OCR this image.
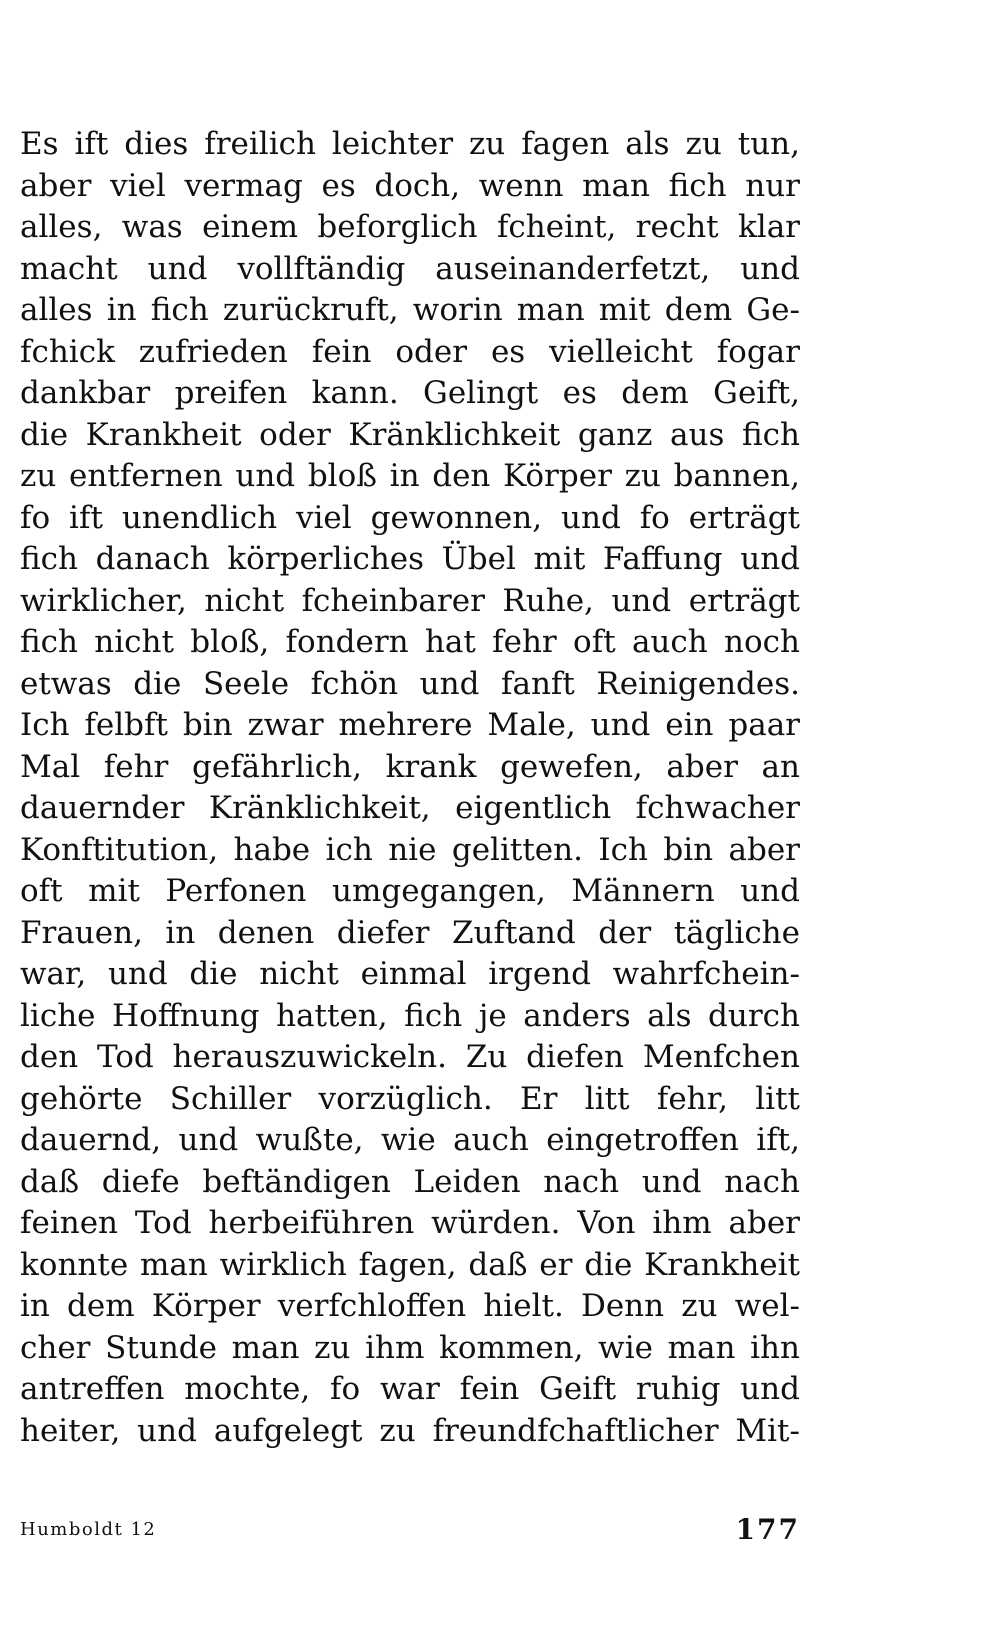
Es ift dies freilich leichter zu fagen als zu tun,
aber viel vermag es doch, wenn man fich nur
alles, was einem beforglich fcheint, recht klar
macht und vollftändig auseinanderfetzt, und
alles in fich zurückruft, worin man mit dem Ge-
fchick zufrieden fein oder es vielleicht fogar
dankbar preifen kann. Gelingt es dem Geift,
die Krankheit oder Kränklichkeit ganz aus fich
zu entfernen und bloß in den Körper zu bannen,
fo ift unendlich viel gewonnen, und fo erträgt
fich danach körperliches Übel mit Faffung und
wirklicher, nicht fcheinbarer Ruhe, und erträgt
fich nicht bloß, fondern hat fehr oft auch noch
etwas die Seele fchön und fanft Reinigendes.
Ich felbft bin zwar mehrere Male, und ein paar
Mal fehr gefährlich, krank gewefen, aber an
dauernder Kränklichkeit, eigentlich fchwacher
Konftitution, habe ich nie gelitten. Ich bin aber
oft mit Perfonen umgegangen, Männern und
Frauen, in denen diefer Zuftand der tägliche
war, und die nicht einmal irgend wahrfchein-
liche Hoffnung hatten, fich je anders als durch
den Tod herauszuwickeln. Zu diefen Menfchen
gehörte Schiller vorzüglich. Er litt fehr, litt
dauernd, und wußte, wie auch eingetroffen ift,
daß diefe beftändigen Leiden nach und nach
feinen Tod herbeiführen würden. Von ihm aber
konnte man wirklich fagen, daß er die Krankheit
in dem Körper verfchloffen hielt. Denn zu wel-
cher Stunde man zu ihm kommen, wie man ihn
antreffen mochte, fo war fein Geift ruhig und
heiter, und aufgelegt zu freundfchaftlicher Mit-
Humboldt 12	177
